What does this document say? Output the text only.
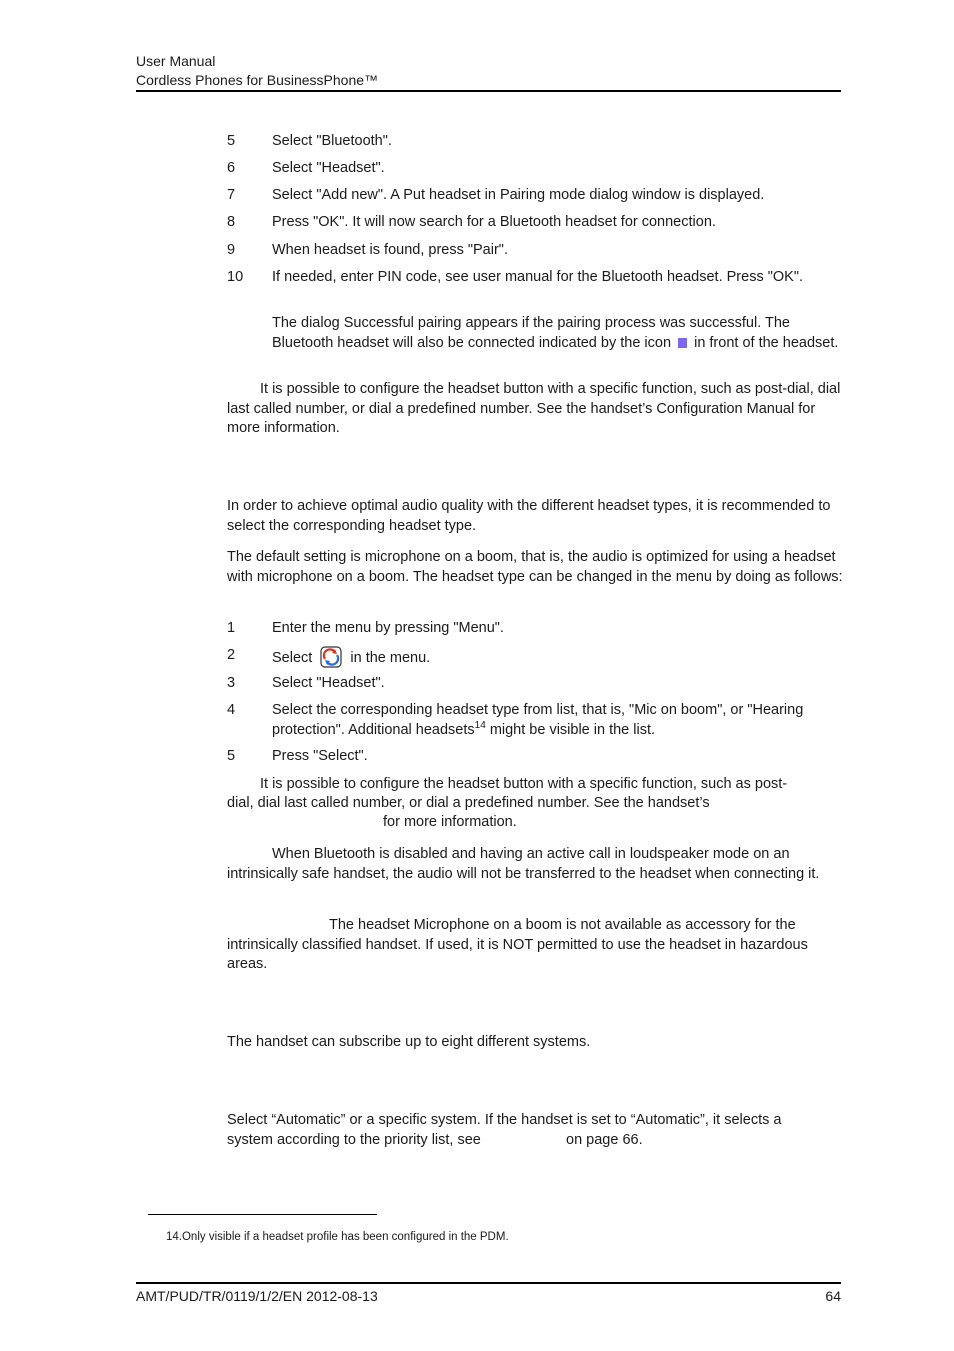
User Manual
Cordless Phones for BusinessPhone™
5	Select "Bluetooth".
6	Select "Headset".
7	Select "Add new". A Put headset in Pairing mode dialog window is displayed.
8	Press "OK". It will now search for a Bluetooth headset for connection.
9	When headset is found, press "Pair".
10 If needed, enter PIN code, see user manual for the Bluetooth headset. Press "OK".
The dialog Successful pairing appears if the pairing process was successful. The Bluetooth headset will also be connected indicated by the icon in front of the headset.
It is possible to configure the headset button with a specific function, such as post-dial, dial last called number, or dial a predefined number. See the handset’s Configuration Manual for more information.
In order to achieve optimal audio quality with the different headset types, it is recommended to select the corresponding headset type.
The default setting is microphone on a boom, that is, the audio is optimized for using a headset with microphone on a boom. The headset type can be changed in the menu by doing as follows:
1	Enter the menu by pressing "Menu".
2	Select	in the menu.
3	Select "Headset".
4	Select the corresponding headset type from list, that is, "Mic on boom", or "Hearing protection". Additional headsets$^{14}$ might be visible in the list.
5	Press "Select".
It is possible to configure the headset button with a specific function, such as post-
dial, dial last called number, or dial a predefined number. See the handset’s
for more information.
When Bluetooth is disabled and having an active call in loudspeaker mode on an intrinsically safe handset, the audio will not be transferred to the headset when connecting it.
The headset Microphone on a boom is not available as accessory for the intrinsically classified handset. If used, it is NOT permitted to use the headset in hazardous areas.
The handset can subscribe up to eight different systems.
Select “Automatic” or a specific system. If the handset is set to “Automatic”, it selects a
system according to the priority list, see	on page 66.
14.Only visible if a headset profile has been configured in the PDM.
AMT/PUD/TR/0119/1/2/EN 2012-08-13	64
